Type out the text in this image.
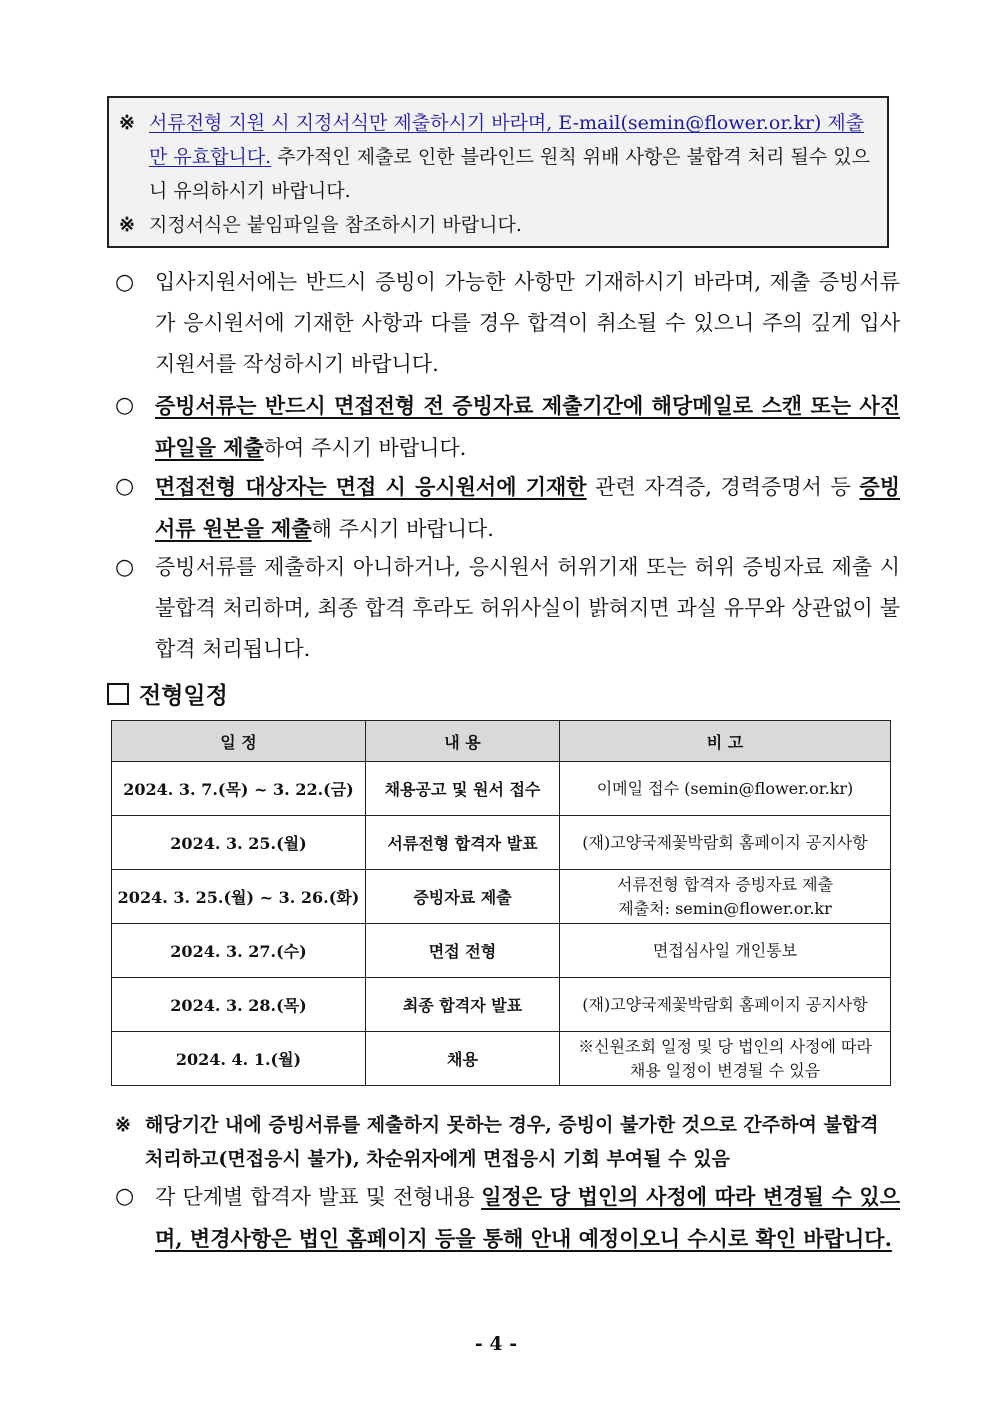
※ 서류전형 지원 시 지정서식만 제출하시기 바라며, E-mail(semin@flower.or.kr) 제출만 유효합니다. 추가적인 제출로 인한 블라인드 원칙 위배 사항은 불합격 처리 될수 있으니 유의하시기 바랍니다.
※ 지정서식은 붙임파일을 참조하시기 바랍니다.
○ 입사지원서에는 반드시 증빙이 가능한 사항만 기재하시기 바라며, 제출 증빙서류가 응시원서에 기재한 사항과 다를 경우 합격이 취소될 수 있으니 주의 깊게 입사지원서를 작성하시기 바랍니다.
○ 증빙서류는 반드시 면접전형 전 증빙자료 제출기간에 해당메일로 스캔 또는 사진파일을 제출하여 주시기 바랍니다.
○ 면접전형 대상자는 면접 시 응시원서에 기재한 관련 자격증, 경력증명서 등 증빙서류 원본을 제출해 주시기 바랍니다.
○ 증빙서류를 제출하지 아니하거나, 응시원서 허위기재 또는 허위 증빙자료 제출 시 불합격 처리하며, 최종 합격 후라도 허위사실이 밝혀지면 과실 유무와 상관없이 불합격 처리됩니다.
전형일정
일 정	내 용	비 고
2024. 3. 7.(목) ~ 3. 22.(금)	채용공고 및 원서 접수	이메일 접수 (semin@flower.or.kr)

2024. 3. 25.(월)	서류전형 합격자 발표	(재)고양국제꽃박람회 홈페이지 공지사항

2024. 3. 25.(월) ~ 3. 26.(화)	증빙자료 제출	서류전형 합격자 증빙자료 제출
제출처: semin@flower.or.kr

2024. 3. 27.(수)	면접 전형	면접심사일 개인통보

2024. 3. 28.(목)	최종 합격자 발표	(재)고양국제꽃박람회 홈페이지 공지사항

2024. 4. 1.(월)	채용	※신원조회 일정 및 당 법인의 사정에 따라
채용 일정이 변경될 수 있음
※ 해당기간 내에 증빙서류를 제출하지 못하는 경우, 증빙이 불가한 것으로 간주하여 불합격 처리하고(면접응시 불가), 차순위자에게 면접응시 기회 부여될 수 있음
○ 각 단계별 합격자 발표 및 전형내용 일정은 당 법인의 사정에 따라 변경될 수 있으며, 변경사항은 법인 홈페이지 등을 통해 안내 예정이오니 수시로 확인 바랍니다.
- 4 -
